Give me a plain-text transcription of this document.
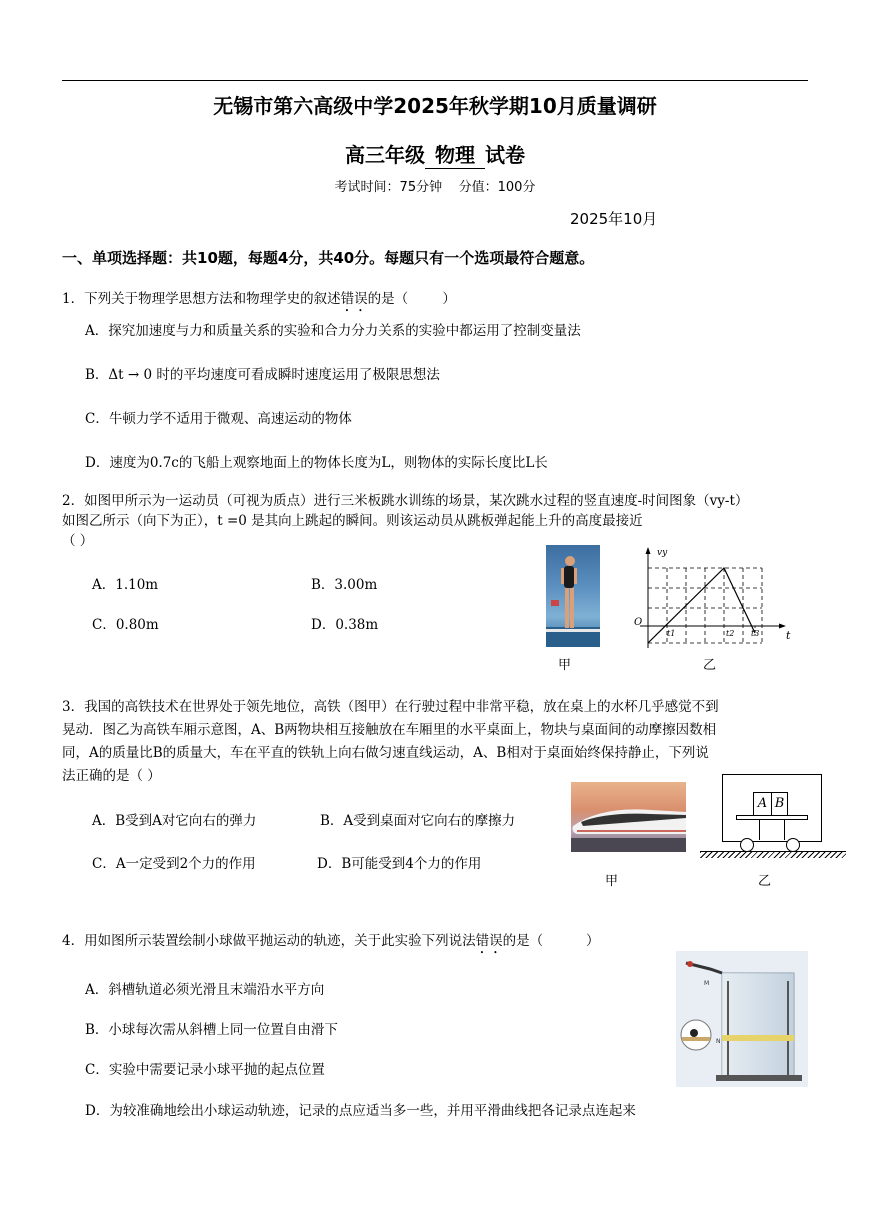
无锡市第六高级中学2025年秋学期10月质量调研
高三年级 物理 试卷
考试时间：75分钟    分值：100分
2025年10月
一、单项选择题：共10题，每题4分，共40分。每题只有一个选项最符合题意。
1．下列关于物理学思想方法和物理学史的叙述错误的是（        ）
A．探究加速度与力和质量关系的实验和合力分力关系的实验中都运用了控制变量法
B．Δt → 0 时的平均速度可看成瞬时速度运用了极限思想法
C．牛顿力学不适用于微观、高速运动的物体
D．速度为0.7c的飞船上观察地面上的物体长度为L，则物体的实际长度比L长
2．如图甲所示为一运动员（可视为质点）进行三米板跳水训练的场景，某次跳水过程的竖直速度-时间图象（vy-t）
如图乙所示（向下为正），t =0 是其向上跳起的瞬间。则该运动员从跳板弹起能上升的高度最接近
（ ）
A．1.10m	B．3.00m
C．0.80m	D．0.38m
甲
vy
O
t
t1	t2 t3
乙
3．我国的高铁技术在世界处于领先地位，高铁（图甲）在行驶过程中非常平稳，放在桌上的水杯几乎感觉不到
晃动．图乙为高铁车厢示意图，A、B两物块相互接触放在车厢里的水平桌面上，物块与桌面间的动摩擦因数相
同，A的质量比B的质量大，车在平直的铁轨上向右做匀速直线运动，A、B相对于桌面始终保持静止，下列说
法正确的是（ ）
A．B受到A对它向右的弹力	B．A受到桌面对它向右的摩擦力
C．A一定受到2个力的作用	D．B可能受到4个力的作用
甲
A B
乙
4．用如图所示装置绘制小球做平抛运动的轨迹，关于此实验下列说法错误的是（          ）
A．斜槽轨道必须光滑且末端沿水平方向
B．小球每次需从斜槽上同一位置自由滑下
C．实验中需要记录小球平抛的起点位置
D．为较准确地绘出小球运动轨迹，记录的点应适当多一些，并用平滑曲线把各记录点连起来
M
N
